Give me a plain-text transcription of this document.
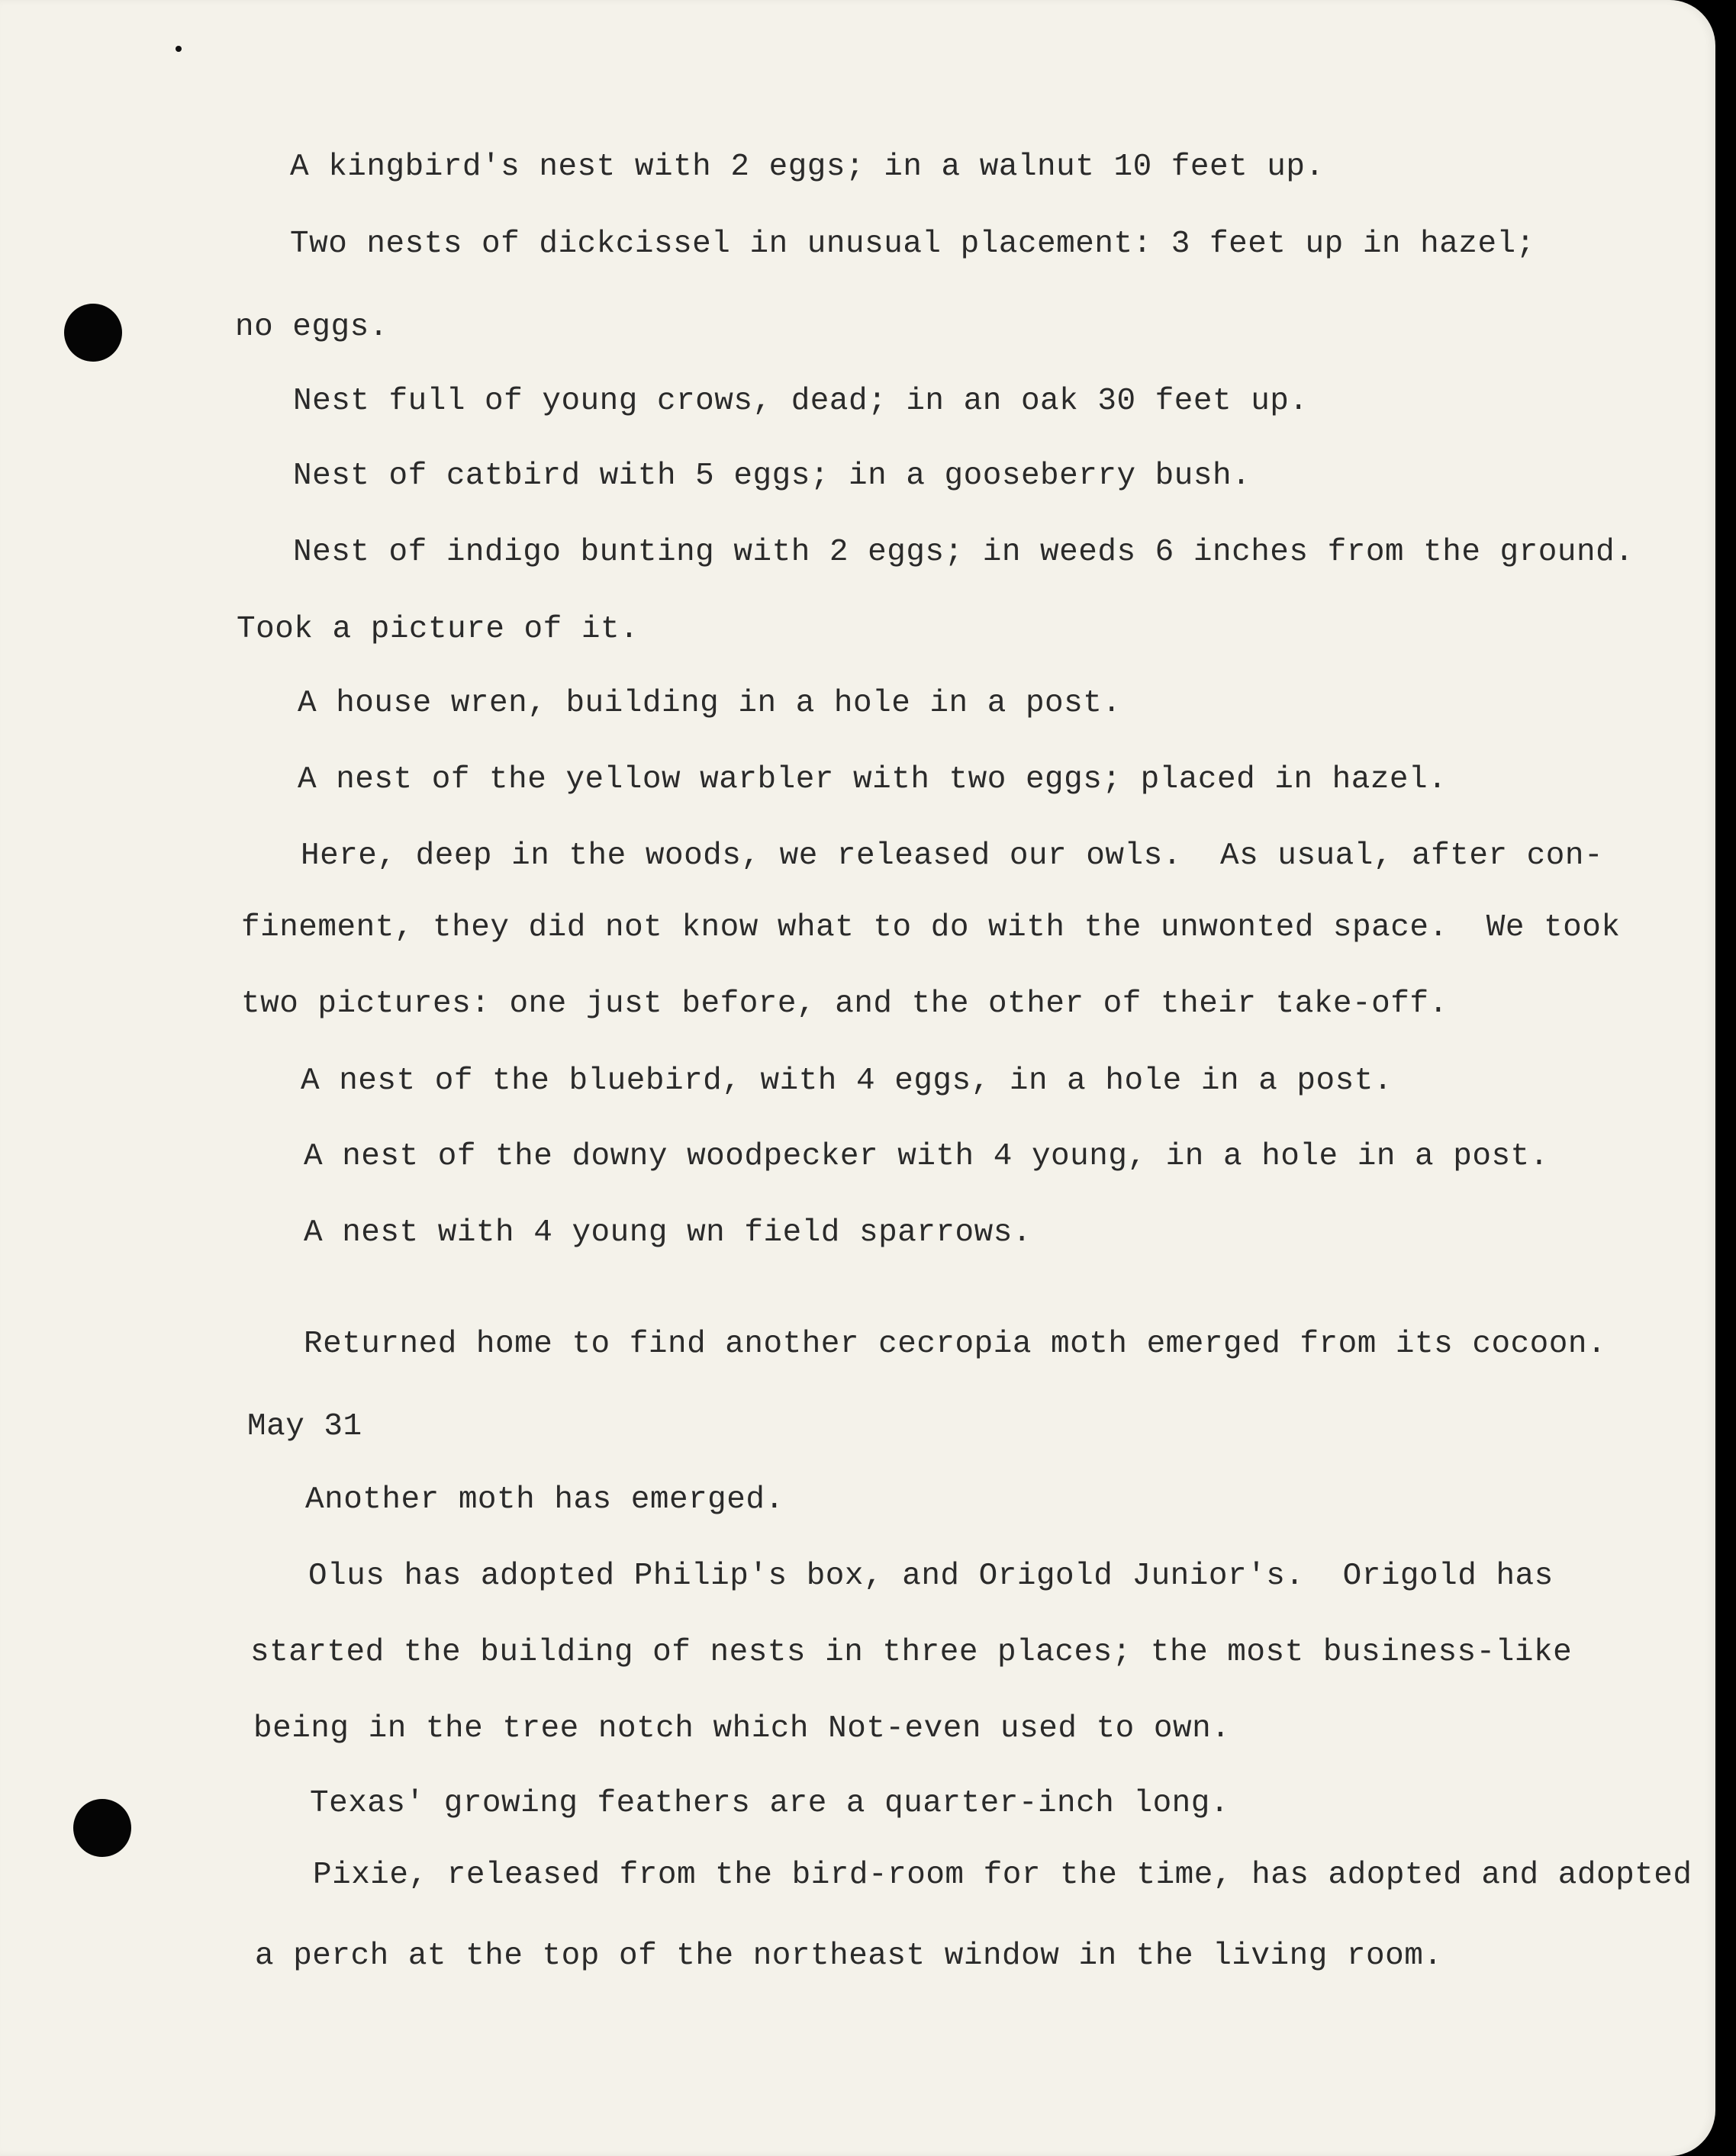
A kingbird's nest with 2 eggs; in a walnut 10 feet up.
Two nests of dickcissel in unusual placement: 3 feet up in hazel;
no eggs.
Nest full of young crows, dead; in an oak 30 feet up.
Nest of catbird with 5 eggs; in a gooseberry bush.
Nest of indigo bunting with 2 eggs; in weeds 6 inches from the ground.
Took a picture of it.
A house wren, building in a hole in a post.
A nest of the yellow warbler with two eggs; placed in hazel.
Here, deep in the woods, we released our owls.  As usual, after con-
finement, they did not know what to do with the unwonted space.  We took
two pictures: one just before, and the other of their take-off.
A nest of the bluebird, with 4 eggs, in a hole in a post.
A nest of the downy woodpecker with 4 young, in a hole in a post.
A nest with 4 young wn field sparrows.
Returned home to find another cecropia moth emerged from its cocoon.
May 31
Another moth has emerged.
Olus has adopted Philip's box, and Origold Junior's.  Origold has
started the building of nests in three places; the most business-like
being in the tree notch which Not-even used to own.
Texas' growing feathers are a quarter-inch long.
Pixie, released from the bird-room for the time, has adopted and adopted
a perch at the top of the northeast window in the living room.
